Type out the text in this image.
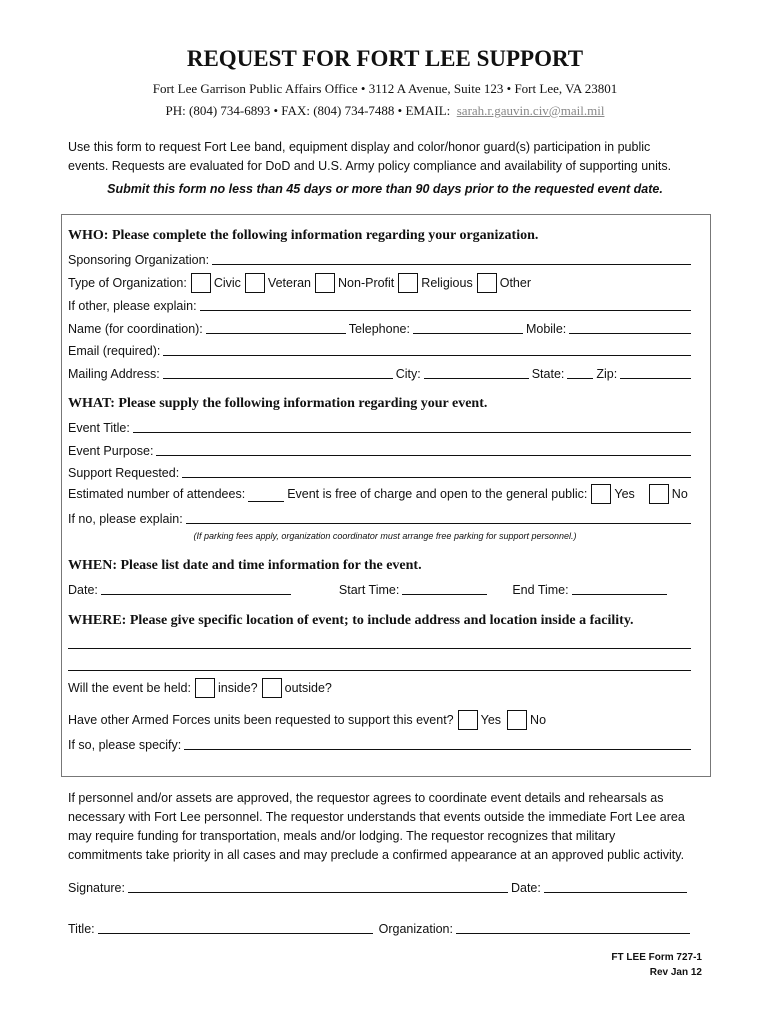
REQUEST FOR FORT LEE SUPPORT
Fort Lee Garrison Public Affairs Office • 3112 A Avenue, Suite 123 • Fort Lee, VA 23801
PH: (804) 734-6893 • FAX: (804) 734-7488 • EMAIL: sarah.r.gauvin.civ@mail.mil
Use this form to request Fort Lee band, equipment display and color/honor guard(s) participation in public
events. Requests are evaluated for DoD and U.S. Army policy compliance and availability of supporting units.
Submit this form no less than 45 days or more than 90 days prior to the requested event date.
WHO: Please complete the following information regarding your organization.
Sponsoring Organization:
Type of Organization: Civic Veteran Non-Profit Religious Other
If other, please explain:
Name (for coordination):	Telephone:	Mobile:
Email (required):
Mailing Address:	City:	State:	Zip:
WHAT: Please supply the following information regarding your event.
Event Title:
Event Purpose:
Support Requested:
Estimated number of attendees:	Event is free of charge and open to the general public: Yes	No
If no, please explain:
(If parking fees apply, organization coordinator must arrange free parking for support personnel.)
WHEN: Please list date and time information for the event.
Date:	Start Time:	End Time:
WHERE: Please give specific location of event; to include address and location inside a facility.
Will the event be held: inside? outside?
Have other Armed Forces units been requested to support this event? Yes No
If so, please specify:
If personnel and/or assets are approved, the requestor agrees to coordinate event details and rehearsals as
necessary with Fort Lee personnel. The requestor understands that events outside the immediate Fort Lee area
may require funding for transportation, meals and/or lodging. The requestor recognizes that military
commitments take priority in all cases and may preclude a confirmed appearance at an approved public activity.
Signature:	Date:
Title:	Organization:
FT LEE Form 727-1
Rev Jan 12
